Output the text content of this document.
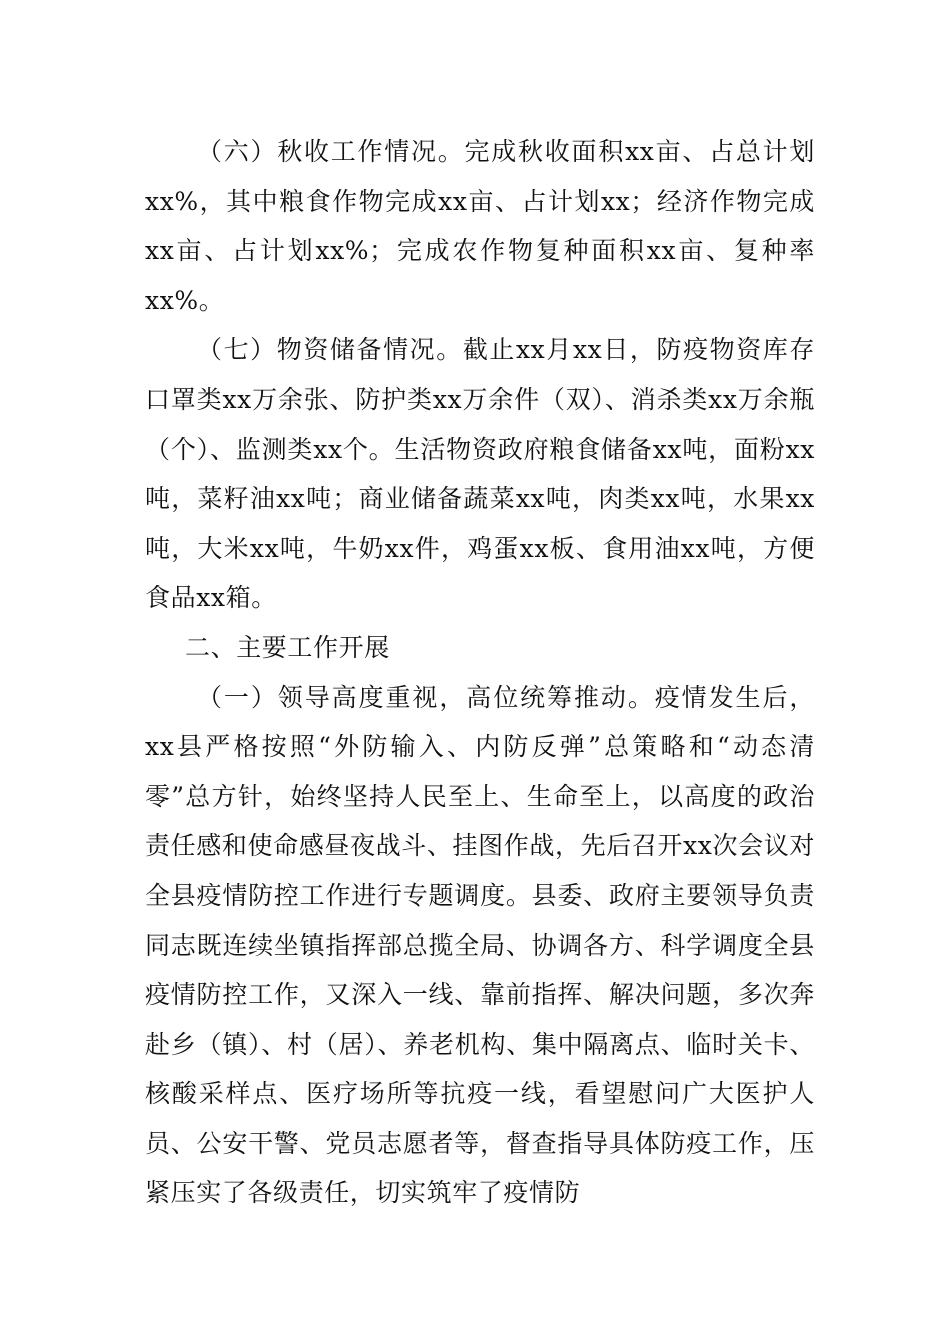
（六）秋收工作情况。完成秋收面积xx亩、占总计划xx%，其中粮食作物完成xx亩、占计划xx；经济作物完成xx亩、占计划xx%；完成农作物复种面积xx亩、复种率xx%。

（七）物资储备情况。截止xx月xx日，防疫物资库存口罩类xx万余张、防护类xx万余件（双）、消杀类xx万余瓶（个）、监测类xx个。生活物资政府粮食储备xx吨，面粉xx吨，菜籽油xx吨；商业储备蔬菜xx吨，肉类xx吨，水果xx吨，大米xx吨，牛奶xx件，鸡蛋xx板、食用油xx吨，方便食品xx箱。

二、主要工作开展

（一）领导高度重视，高位统筹推动。疫情发生后，xx县严格按照“外防输入、内防反弹”总策略和“动态清零”总方针，始终坚持人民至上、生命至上，以高度的政治责任感和使命感昼夜战斗、挂图作战，先后召开xx次会议对全县疫情防控工作进行专题调度。县委、政府主要领导负责同志既连续坐镇指挥部总揽全局、协调各方、科学调度全县疫情防控工作，又深入一线、靠前指挥、解决问题，多次奔赴乡（镇）、村（居）、养老机构、集中隔离点、临时关卡、核酸采样点、医疗场所等抗疫一线，看望慰问广大医护人员、公安干警、党员志愿者等，督查指导具体防疫工作，压紧压实了各级责任，切实筑牢了疫情防
